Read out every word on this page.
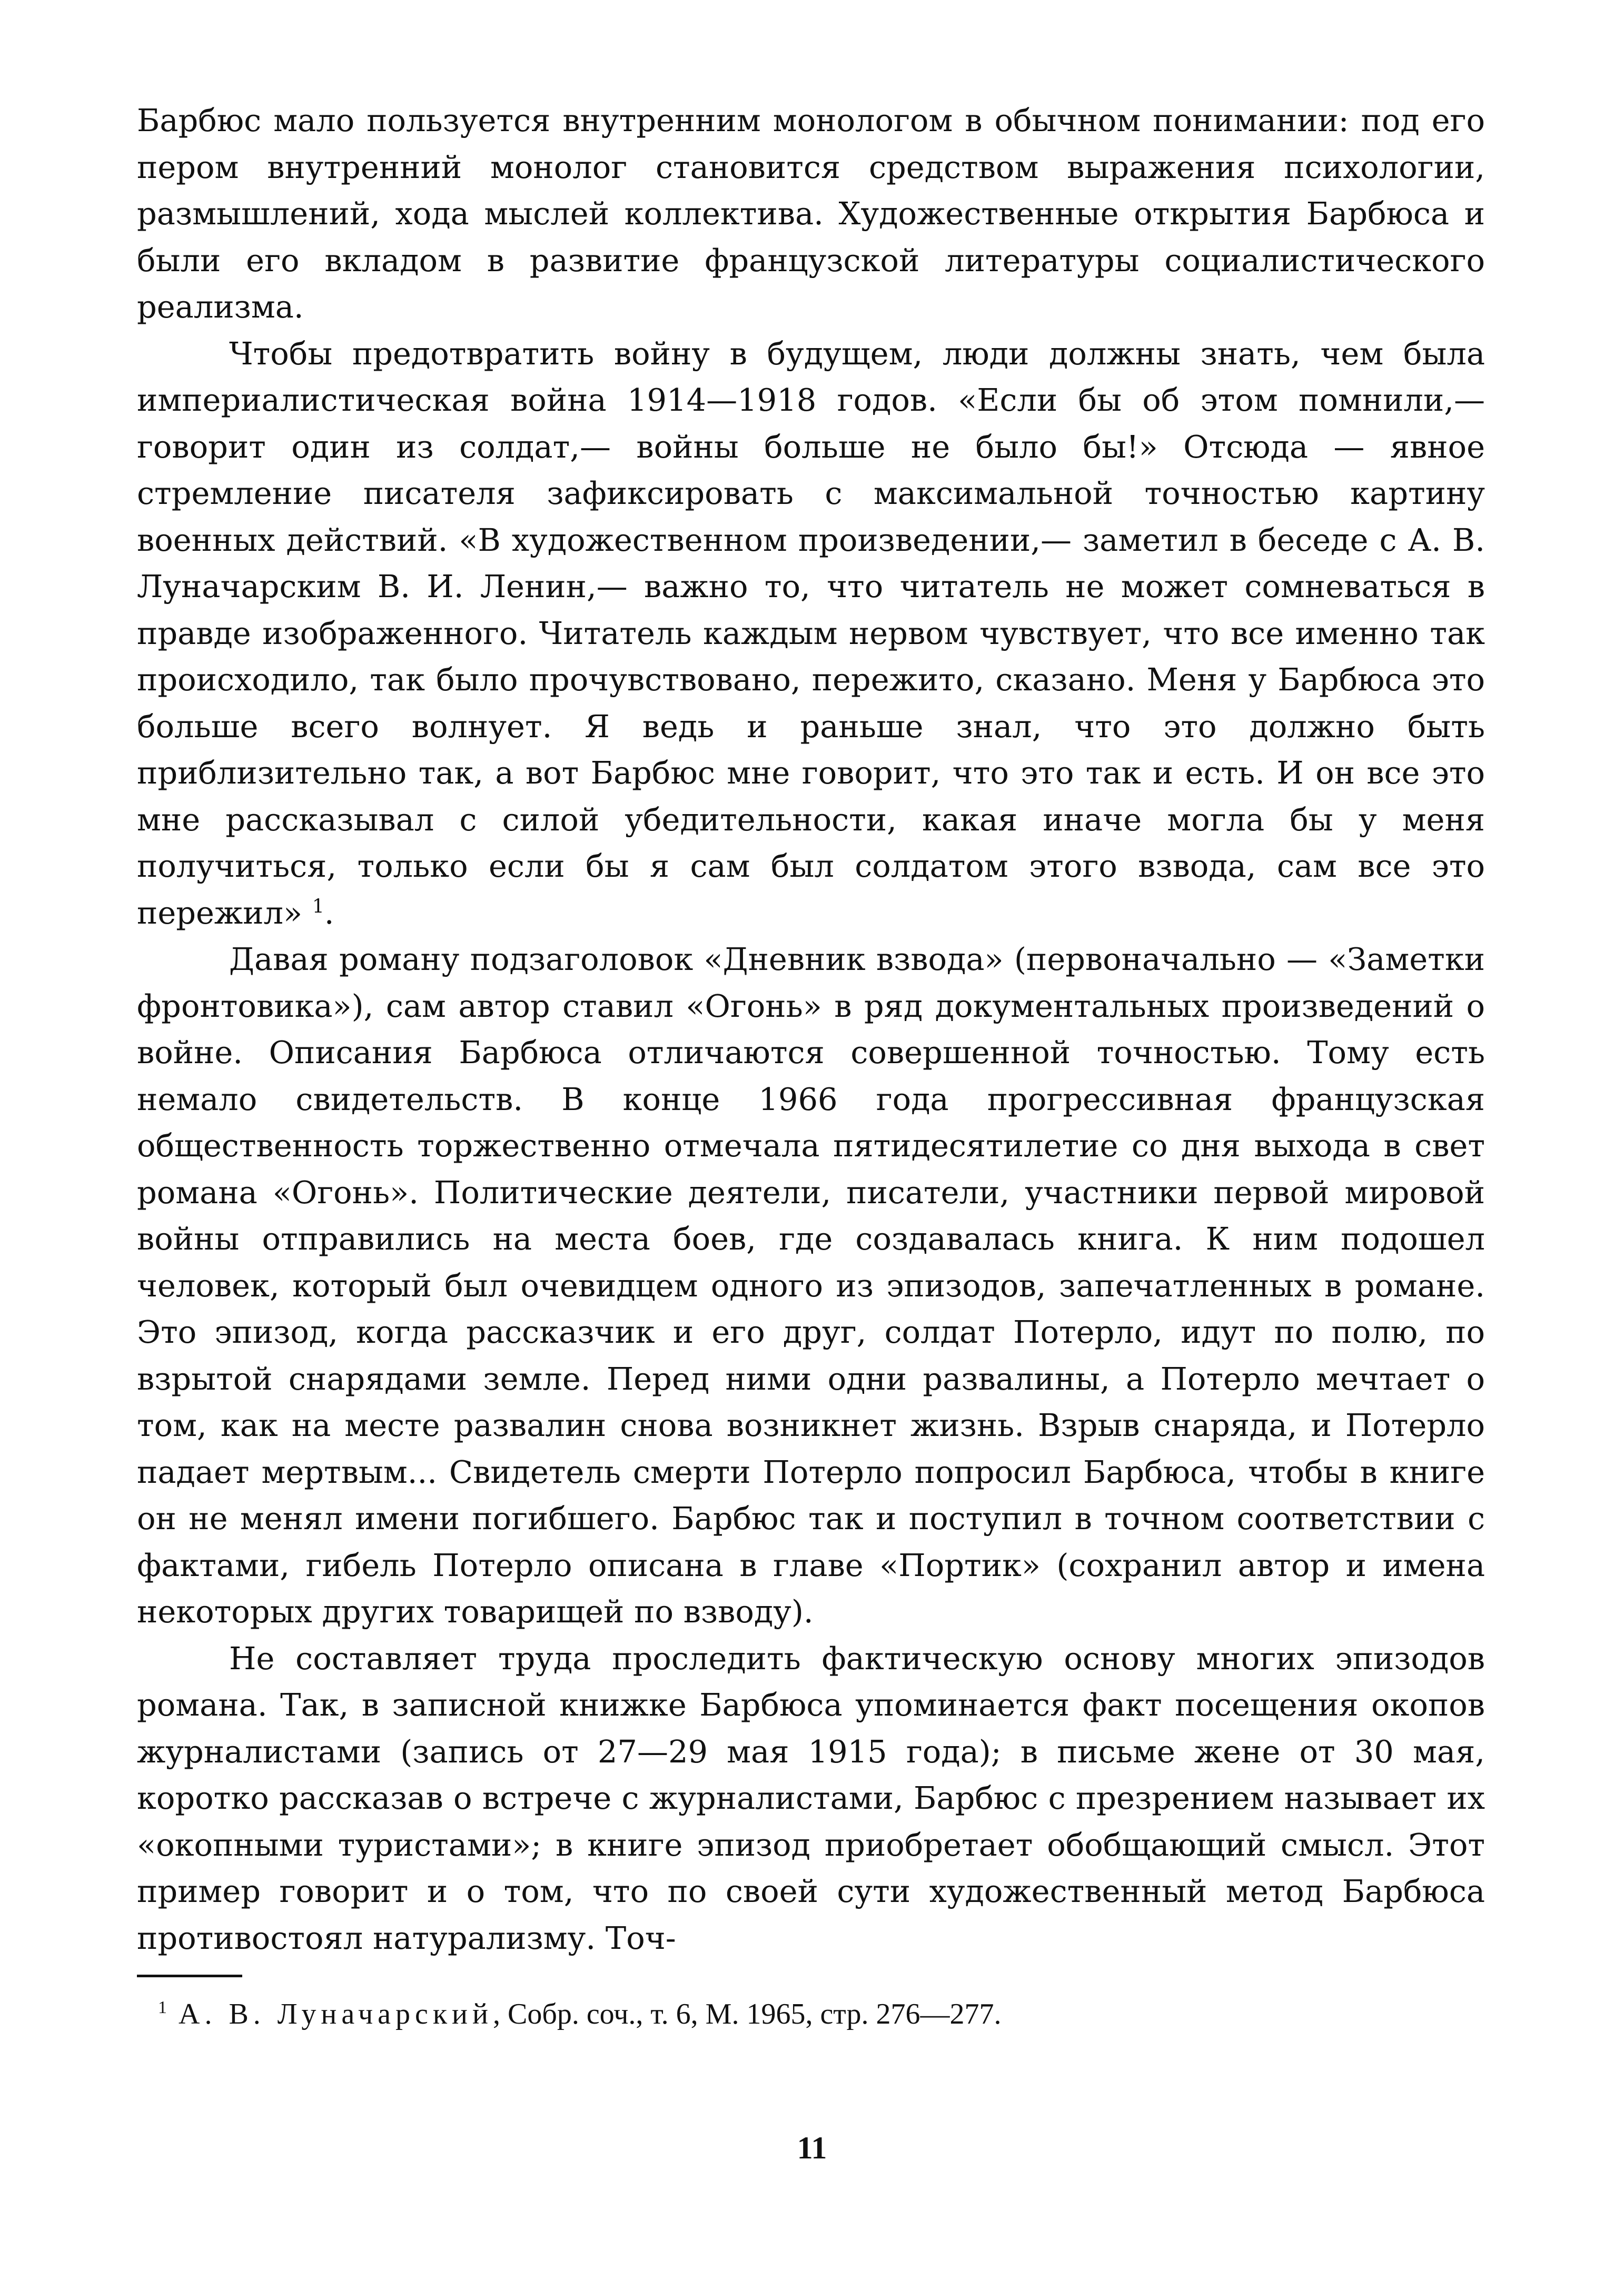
Барбюс мало пользуется внутренним монологом в обычном понимании: под его пером внутренний монолог становится средством выражения психологии, размышлений, хода мыслей коллектива. Художественные открытия Барбюса и были его вкладом в развитие французской литературы социалистического реализма.

Чтобы предотвратить войну в будущем, люди должны знать, чем была империалистическая война 1914—1918 годов. «Если бы об этом помнили,— говорит один из солдат,— войны больше не было бы!» Отсюда — явное стремление писателя зафиксировать с максимальной точностью картину военных действий. «В художественном произведении,— заметил в беседе с А. В. Луначарским В. И. Ленин,— важно то, что читатель не может сомневаться в правде изображенного. Читатель каждым нервом чувствует, что все именно так происходило, так было прочувствовано, пережито, сказано. Меня у Барбюса это больше всего волнует. Я ведь и раньше знал, что это должно быть приблизительно так, а вот Барбюс мне говорит, что это так и есть. И он все это мне рассказывал с силой убедительности, какая иначе могла бы у меня получиться, только если бы я сам был солдатом этого взвода, сам все это пережил» $^1$.

Давая роману подзаголовок «Дневник взвода» (первоначально — «Заметки фронтовика»), сам автор ставил «Огонь» в ряд документальных произведений о войне. Описания Барбюса отличаются совершенной точностью. Тому есть немало свидетельств. В конце 1966 года прогрессивная французская общественность торжественно отмечала пятидесятилетие со дня выхода в свет романа «Огонь». Политические деятели, писатели, участники первой мировой войны отправились на места боев, где создавалась книга. К ним подошел человек, который был очевидцем одного из эпизодов, запечатленных в романе. Это эпизод, когда рассказчик и его друг, солдат Потерло, идут по полю, по взрытой снарядами земле. Перед ними одни развалины, а Потерло мечтает о том, как на месте развалин снова возникнет жизнь. Взрыв снаряда, и Потерло падает мертвым... Свидетель смерти Потерло попросил Барбюса, чтобы в книге он не менял имени погибшего. Барбюс так и поступил в точном соответствии с фактами, гибель Потерло описана в главе «Портик» (сохранил автор и имена некоторых других товарищей по взводу).

Не составляет труда проследить фактическую основу многих эпизодов романа. Так, в записной книжке Барбюса упоминается факт посещения окопов журналистами (запись от 27—29 мая 1915 года); в письме жене от 30 мая, коротко рассказав о встрече с журналистами, Барбюс с презрением называет их «окопными туристами»; в книге эпизод приобретает обобщающий смысл. Этот пример говорит и о том, что по своей сути художественный метод Барбюса противостоял натурализму. Точ-

$^1$ А. В. Луначарский, Собр. соч., т. 6, М. 1965, стр. 276—277.
11
